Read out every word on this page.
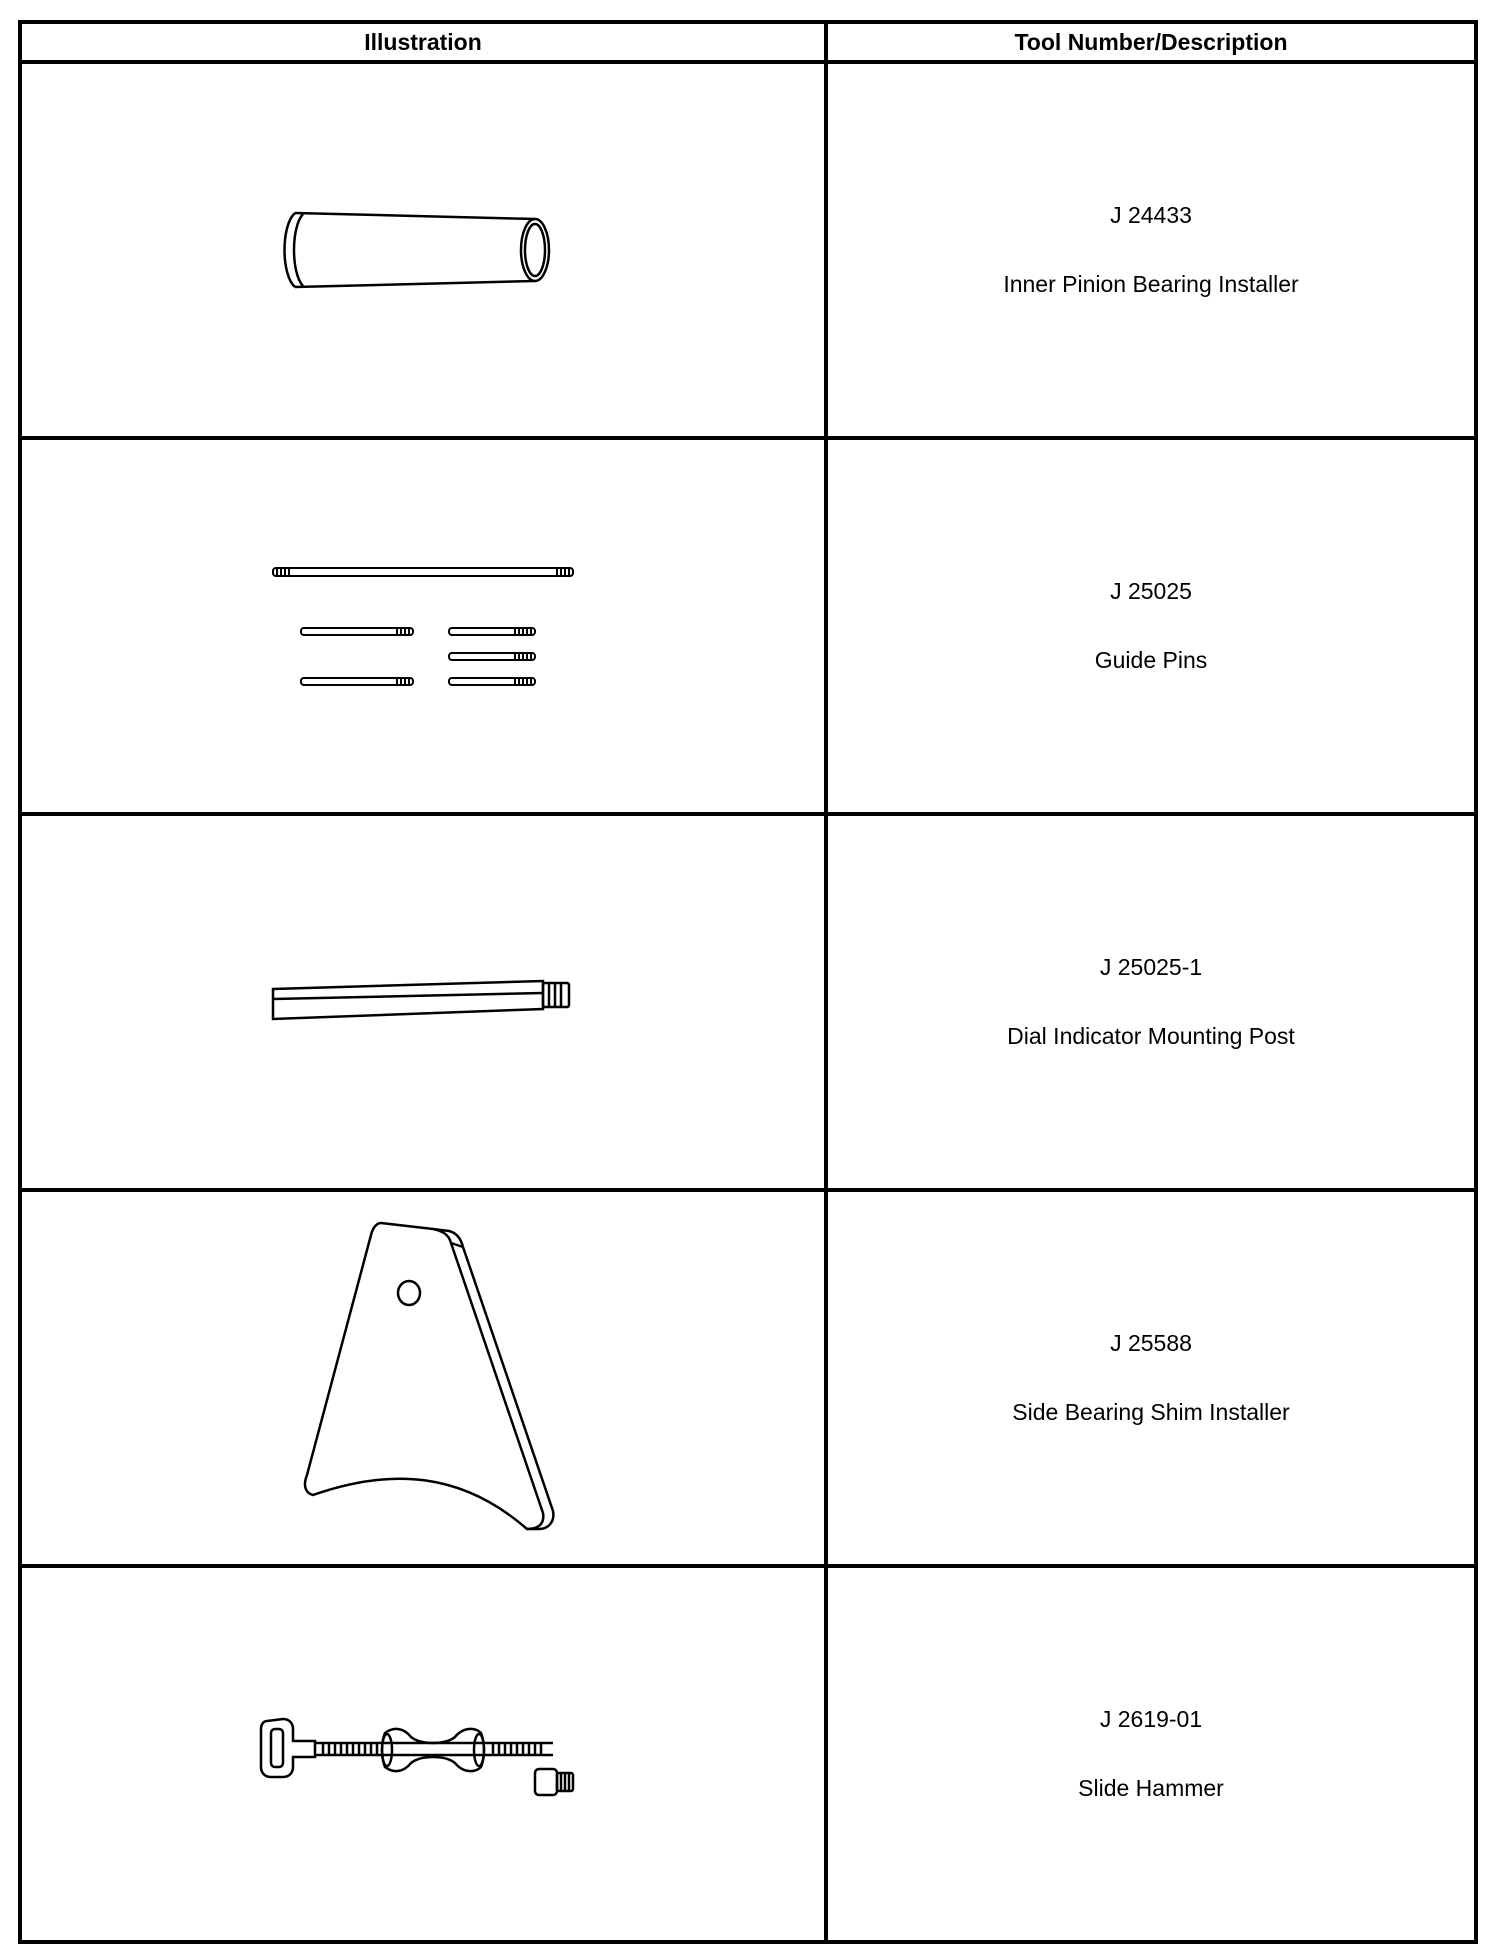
Illustration	Tool Number/Description

J 24433
Inner Pinion Bearing Installer

J 25025
Guide Pins

J 25025-1
Dial Indicator Mounting Post

J 25588
Side Bearing Shim Installer

J 2619-01
Slide Hammer
